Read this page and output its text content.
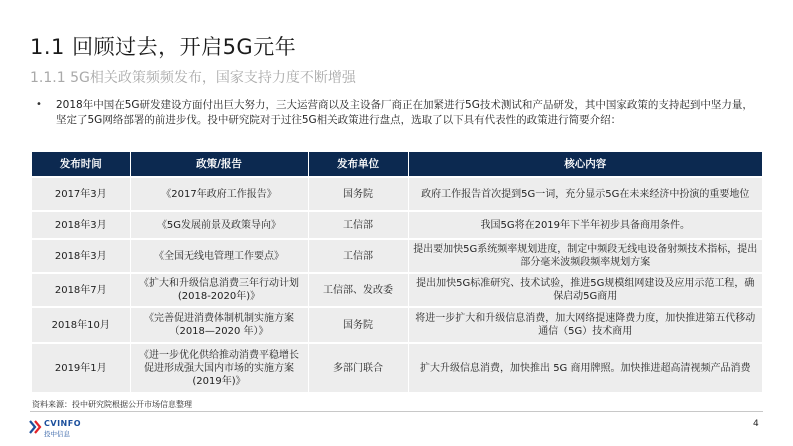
1.1 回顾过去，开启5G元年
1.1.1 5G相关政策频频发布，国家支持力度不断增强
• 2018年中国在5G研发建设方面付出巨大努力，三大运营商以及主设备厂商正在加紧进行5G技术测试和产品研发，其中国家政策的支持起到中坚力量，坚定了5G网络部署的前进步伐。投中研究院对于过往5G相关政策进行盘点，选取了以下具有代表性的政策进行简要介绍：
发布时间	政策/报告	发布单位	核心内容
2017年3月	《2017年政府工作报告》	国务院	政府工作报告首次提到5G一词，充分显示5G在未来经济中扮演的重要地位
2018年3月	《5G发展前景及政策导向》	工信部	我国5G将在2019年下半年初步具备商用条件。
2018年3月	《全国无线电管理工作要点》	工信部	提出要加快5G系统频率规划进度，制定中频段无线电设备射频技术指标，提出部分毫米波频段频率规划方案
2018年7月	《扩大和升级信息消费三年行动计划(2018-2020年)》	工信部、发改委	提出加快5G标准研究、技术试验，推进5G规模组网建设及应用示范工程，确保启动5G商用
2018年10月	《完善促进消费体制机制实施方案（2018—2020 年）》	国务院	将进一步扩大和升级信息消费，加大网络提速降费力度，加快推进第五代移动通信（5G）技术商用
2019年1月	《进一步优化供给推动消费平稳增长促进形成强大国内市场的实施方案(2019年)》	多部门联合	扩大升级信息消费，加快推出 5G 商用牌照。加快推进超高清视频产品消费
资料来源：投中研究院根据公开市场信息整理
CVINFO
投中信息
4
